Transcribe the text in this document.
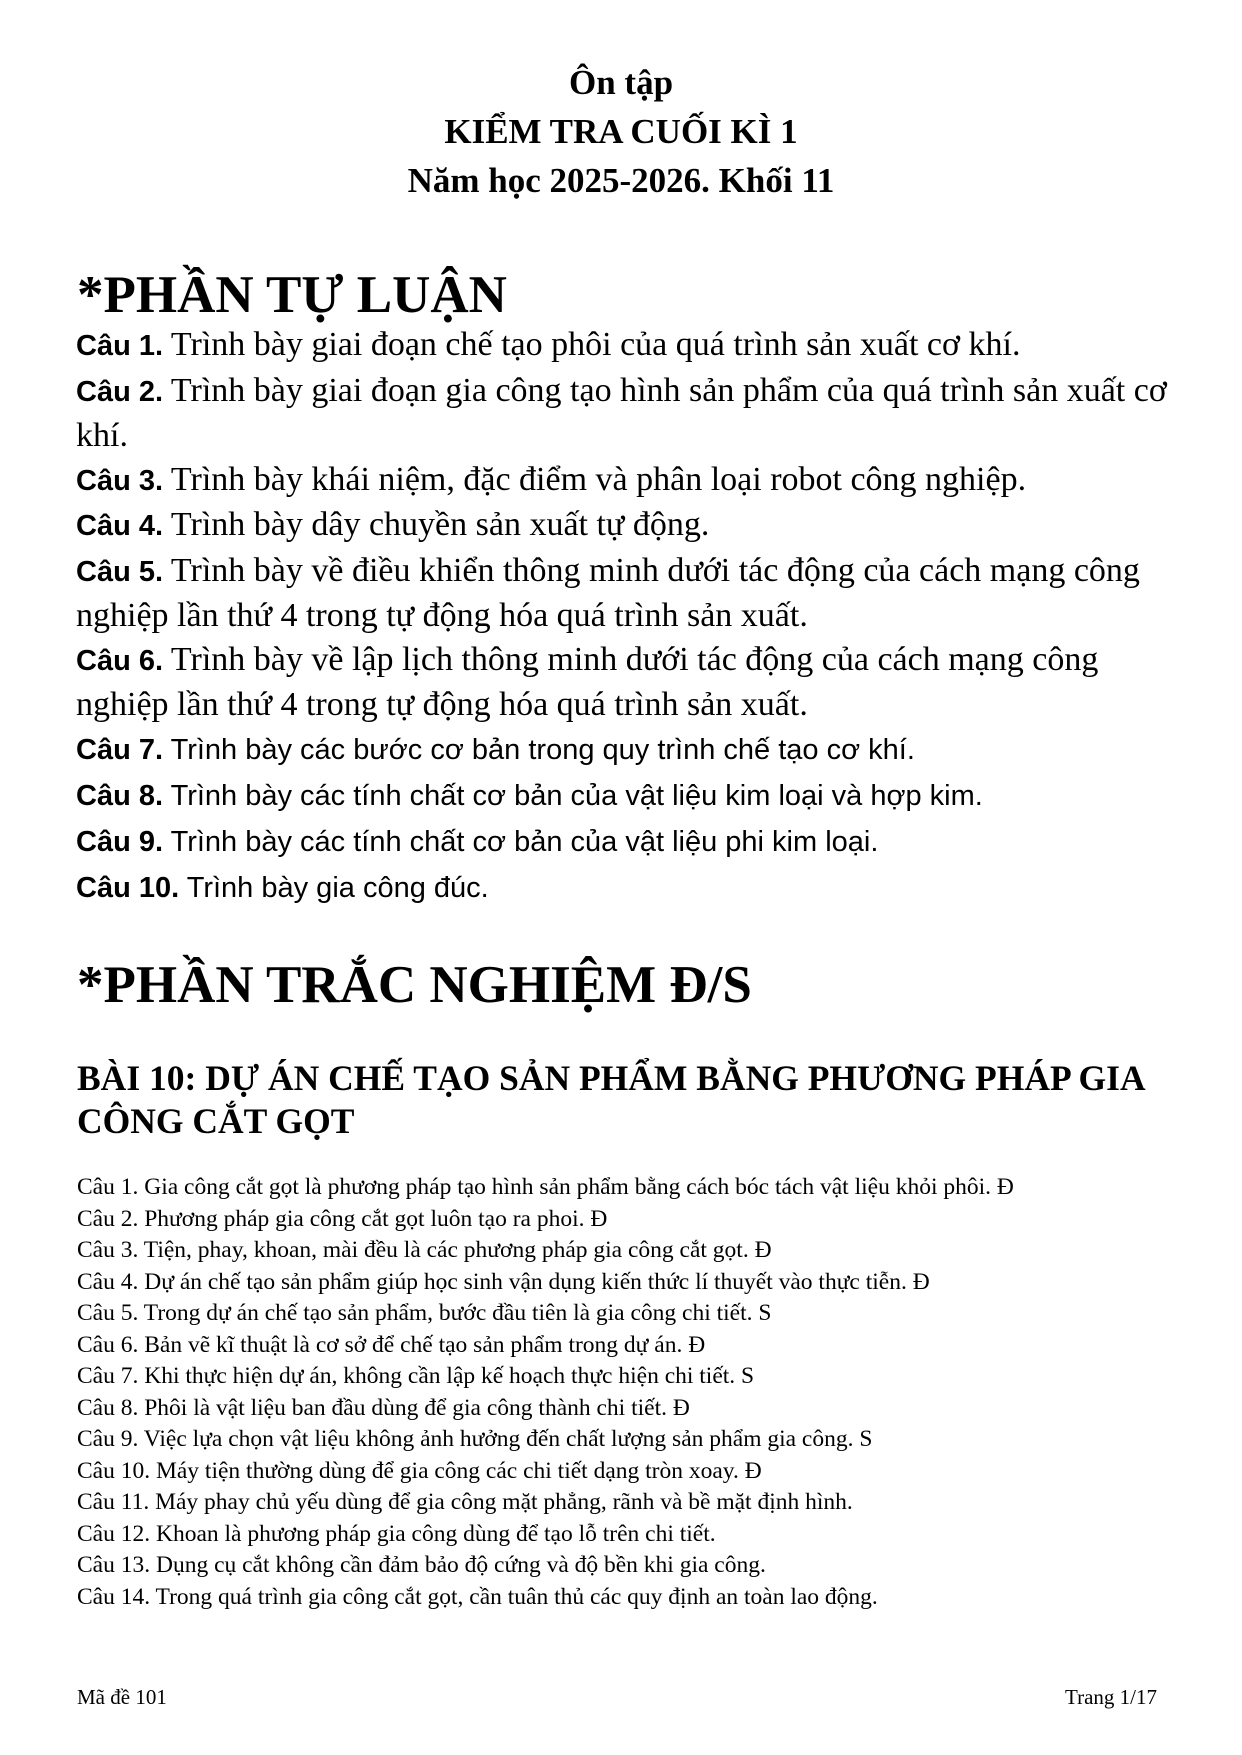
Ôn tập
KIỂM TRA CUỐI KÌ 1
Năm học 2025-2026. Khối 11
*PHẦN TỰ LUẬN
Câu 1. Trình bày giai đoạn chế tạo phôi của quá trình sản xuất cơ khí.
Câu 2. Trình bày giai đoạn gia công tạo hình sản phẩm của quá trình sản xuất cơ khí.
Câu 3. Trình bày khái niệm, đặc điểm và phân loại robot công nghiệp.
Câu 4. Trình bày dây chuyền sản xuất tự động.
Câu 5. Trình bày về điều khiển thông minh dưới tác động của cách mạng công nghiệp lần thứ 4 trong tự động hóa quá trình sản xuất.
Câu 6. Trình bày về lập lịch thông minh dưới tác động của cách mạng công nghiệp lần thứ 4 trong tự động hóa quá trình sản xuất.
Câu 7. Trình bày các bước cơ bản trong quy trình chế tạo cơ khí.
Câu 8. Trình bày các tính chất cơ bản của vật liệu kim loại và hợp kim.
Câu 9. Trình bày các tính chất cơ bản của vật liệu phi kim loại.
Câu 10. Trình bày gia công đúc.
*PHẦN TRẮC NGHIỆM Đ/S
BÀI 10: DỰ ÁN CHẾ TẠO SẢN PHẨM BẰNG PHƯƠNG PHÁP GIA CÔNG CẮT GỌT
Câu 1. Gia công cắt gọt là phương pháp tạo hình sản phẩm bằng cách bóc tách vật liệu khỏi phôi. Đ
Câu 2. Phương pháp gia công cắt gọt luôn tạo ra phoi. Đ
Câu 3. Tiện, phay, khoan, mài đều là các phương pháp gia công cắt gọt. Đ
Câu 4. Dự án chế tạo sản phẩm giúp học sinh vận dụng kiến thức lí thuyết vào thực tiễn. Đ
Câu 5. Trong dự án chế tạo sản phẩm, bước đầu tiên là gia công chi tiết. S
Câu 6. Bản vẽ kĩ thuật là cơ sở để chế tạo sản phẩm trong dự án. Đ
Câu 7. Khi thực hiện dự án, không cần lập kế hoạch thực hiện chi tiết. S
Câu 8. Phôi là vật liệu ban đầu dùng để gia công thành chi tiết. Đ
Câu 9. Việc lựa chọn vật liệu không ảnh hưởng đến chất lượng sản phẩm gia công. S
Câu 10. Máy tiện thường dùng để gia công các chi tiết dạng tròn xoay. Đ
Câu 11. Máy phay chủ yếu dùng để gia công mặt phẳng, rãnh và bề mặt định hình.
Câu 12. Khoan là phương pháp gia công dùng để tạo lỗ trên chi tiết.
Câu 13. Dụng cụ cắt không cần đảm bảo độ cứng và độ bền khi gia công.
Câu 14. Trong quá trình gia công cắt gọt, cần tuân thủ các quy định an toàn lao động.
Mã đề 101	Trang 1/17
